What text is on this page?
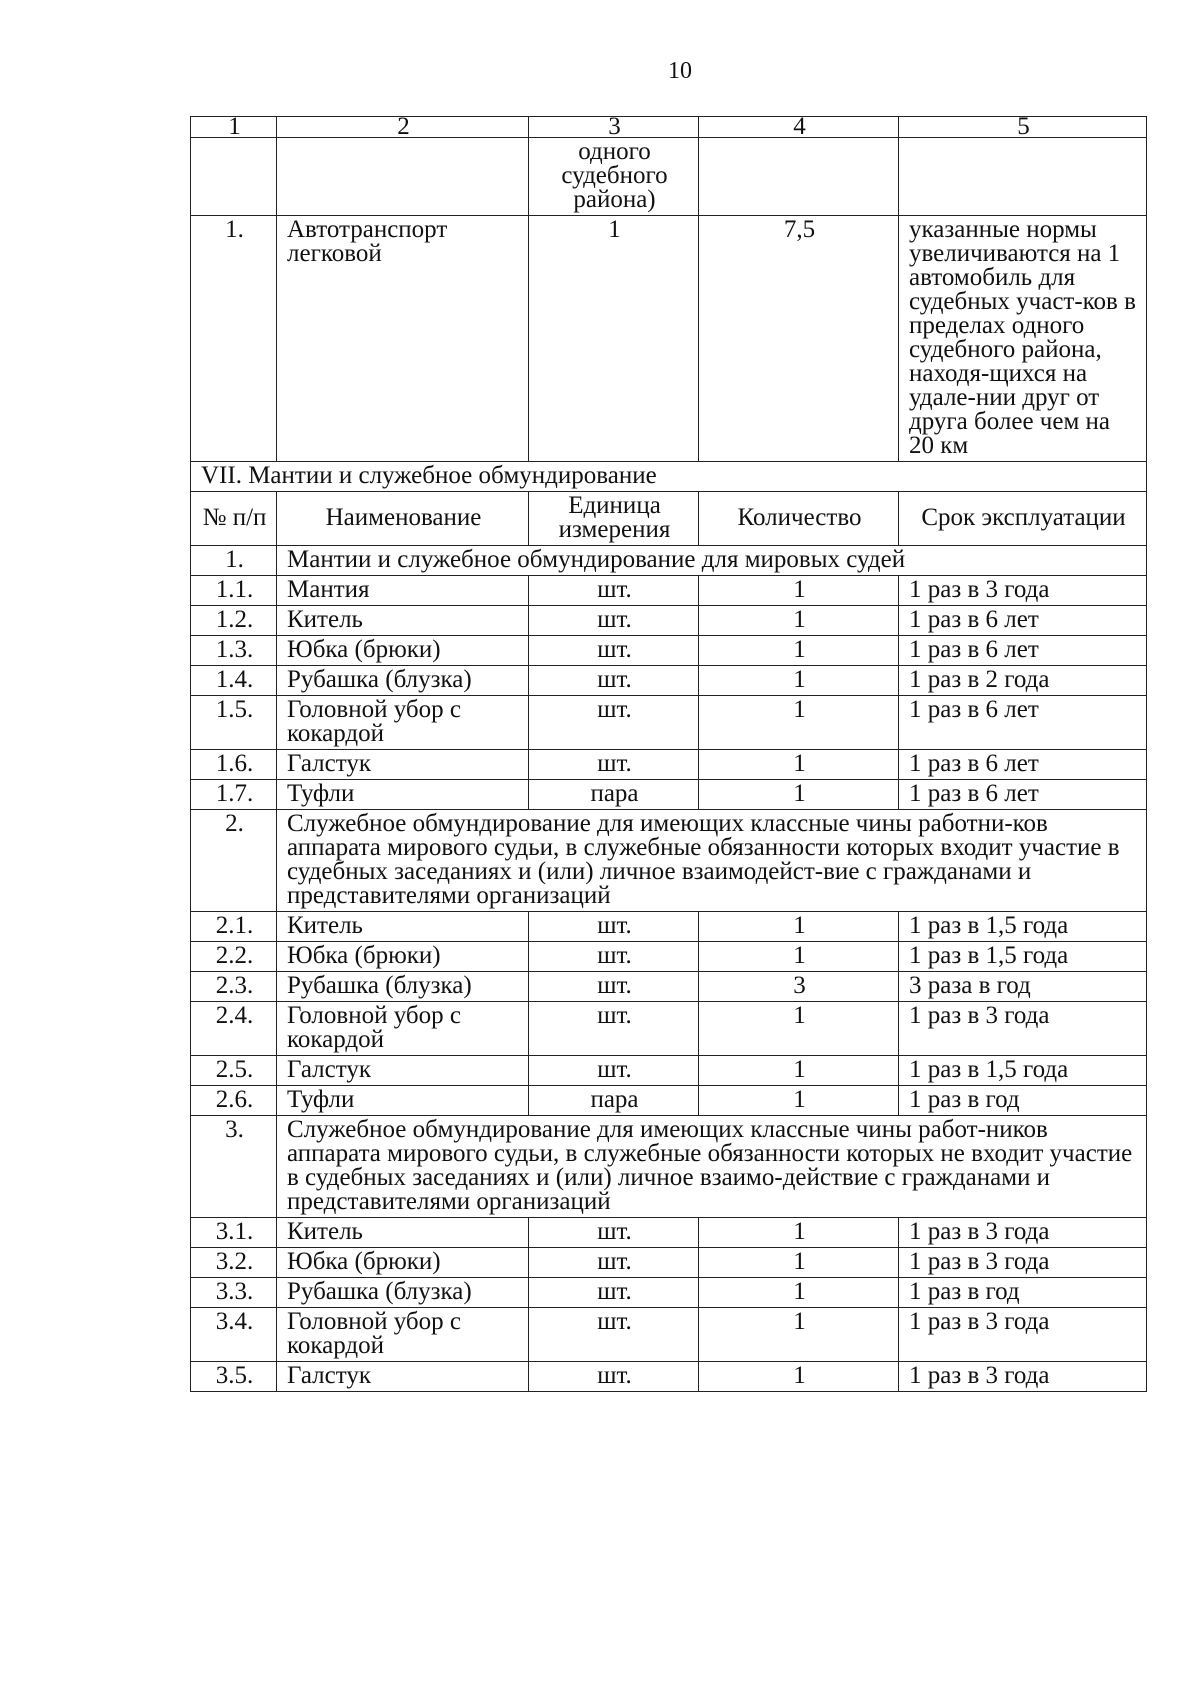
10
1	2	3	4	5
		одного судебного района)		
1.	Автотранспорт легковой	1	7,5	указанные нормы увеличиваются на 1 автомобиль для судебных участ-ков в пределах одного судебного района, находя-щихся на удале-нии друг от друга более чем на 20 км
VII. Мантии и служебное обмундирование				
№ п/п	Наименование	Единица измерения	Количество	Срок эксплуатации
1.	Мантии и служебное обмундирование для мировых судей			
1.1.	Мантия	шт.	1	1 раз в 3 года
1.2.	Китель	шт.	1	1 раз в 6 лет
1.3.	Юбка (брюки)	шт.	1	1 раз в 6 лет
1.4.	Рубашка (блузка)	шт.	1	1 раз в 2 года
1.5.	Головной убор с кокардой	шт.	1	1 раз в 6 лет
1.6.	Галстук	шт.	1	1 раз в 6 лет
1.7.	Туфли	пара	1	1 раз в 6 лет
2.	Служебное обмундирование для имеющих классные чины работни-ков аппарата мирового судьи, в служебные обязанности которых входит участие в судебных заседаниях и (или) личное взаимодейст-вие с гражданами и представителями организаций			
2.1.	Китель	шт.	1	1 раз в 1,5 года
2.2.	Юбка (брюки)	шт.	1	1 раз в 1,5 года
2.3.	Рубашка (блузка)	шт.	3	3 раза в год
2.4.	Головной убор с кокардой	шт.	1	1 раз в 3 года
2.5.	Галстук	шт.	1	1 раз в 1,5 года
2.6.	Туфли	пара	1	1 раз в год
3.	Служебное обмундирование для имеющих классные чины работ-ников аппарата мирового судьи, в служебные обязанности которых не входит участие в судебных заседаниях и (или) личное взаимо-действие с гражданами и представителями организаций			
3.1.	Китель	шт.	1	1 раз в 3 года
3.2.	Юбка (брюки)	шт.	1	1 раз в 3 года
3.3.	Рубашка (блузка)	шт.	1	1 раз в год
3.4.	Головной убор с кокардой	шт.	1	1 раз в 3 года
3.5.	Галстук	шт.	1	1 раз в 3 года
